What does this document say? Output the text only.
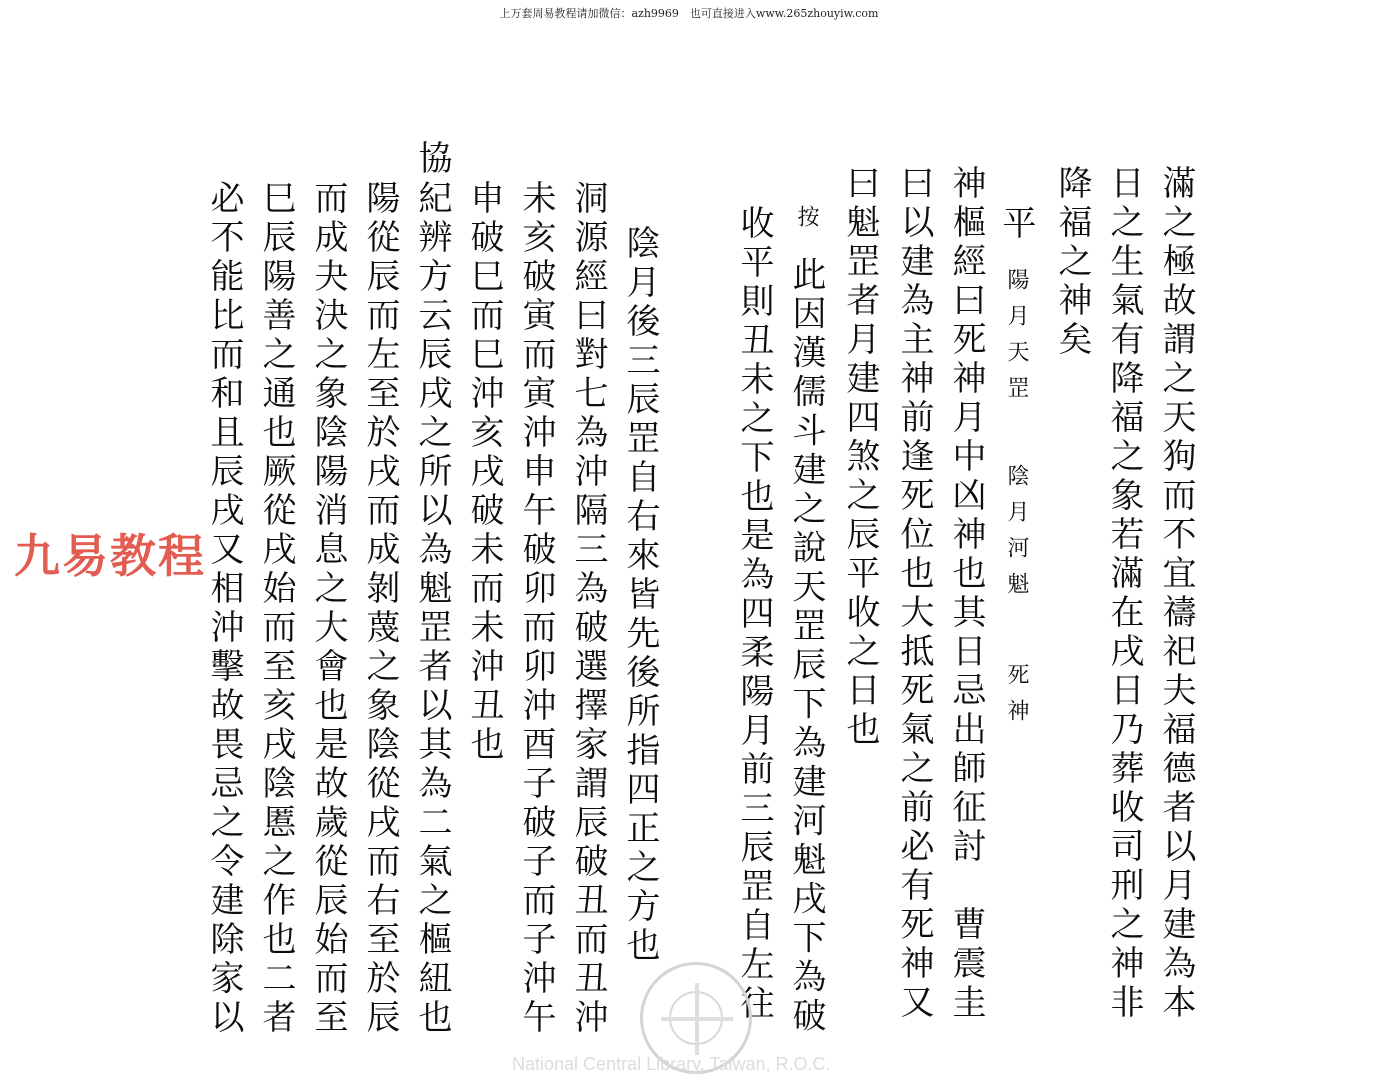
上万套周易教程请加微信：azh9969　也可直接进入www.265zhouyiw.com
滿之極故謂之天狗而不宜禱祀夫福德者以月建為本
日之生氣有降福之象若滿在戌日乃葬收司刑之神非
降福之神矣
平 陽月天罡 陰月河魁 死神
神樞經曰死神月中凶神也其日忌出師征討　曹震圭
曰以建為主神前逢死位也大抵死氣之前必有死神又
曰魁罡者月建四煞之辰平收之日也
按 此因漢儒斗建之說天罡辰下為建河魁戌下為破
收平則丑未之下也是為四柔陽月前三辰罡自左往
陰月後三辰罡自右來皆先後所指四正之方也
洞源經曰對七為沖隔三為破選擇家謂辰破丑而丑沖
未亥破寅而寅沖申午破卯而卯沖酉子破子而子沖午
申破巳而巳沖亥戌破未而未沖丑也
協
紀辨方云辰戌之所以為魁罡者以其為二氣之樞紐也
陽從辰而左至於戌而成剝蔑之象陰從戌而右至於辰
而成夬決之象陰陽消息之大會也是故歲從辰始而至
巳辰陽善之通也厥從戌始而至亥戌陰慝之作也二者
必不能比而和且辰戌又相沖擊故畏忌之令建除家以
九易教程
National Central Library, Taiwan, R.O.C.
